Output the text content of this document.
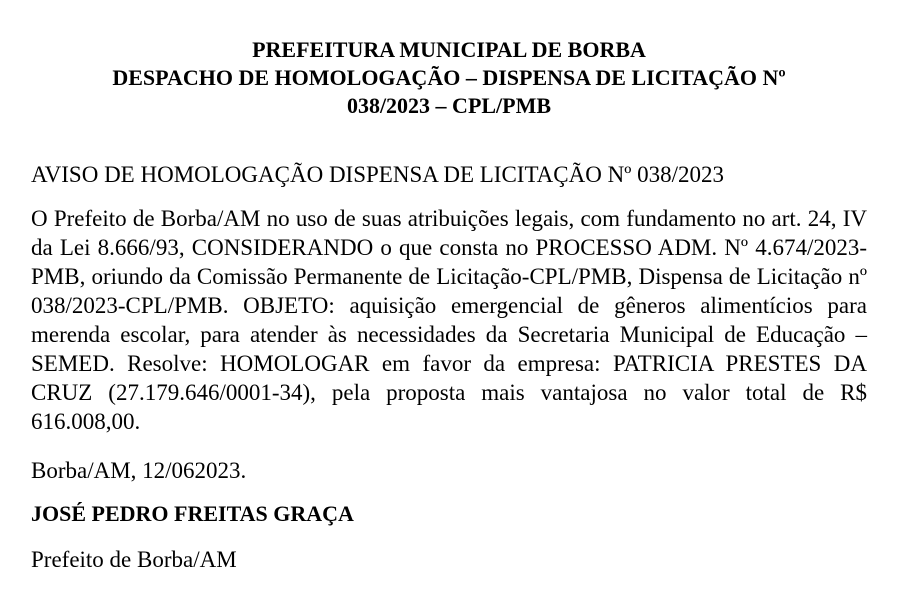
PREFEITURA MUNICIPAL DE BORBA
DESPACHO DE HOMOLOGAÇÃO – DISPENSA DE LICITAÇÃO Nº
038/2023 – CPL/PMB
AVISO DE HOMOLOGAÇÃO DISPENSA DE LICITAÇÃO Nº 038/2023
O Prefeito de Borba/AM no uso de suas atribuições legais, com fundamento no art. 24, IV da Lei 8.666/93, CONSIDERANDO o que consta no PROCESSO ADM. Nº 4.674/2023-PMB, oriundo da Comissão Permanente de Licitação-CPL/PMB, Dispensa de Licitação nº 038/2023-CPL/PMB. OBJETO: aquisição emergencial de gêneros alimentícios para merenda escolar, para atender às necessidades da Secretaria Municipal de Educação – SEMED. Resolve: HOMOLOGAR em favor da empresa: PATRICIA PRESTES DA CRUZ (27.179.646/0001-34), pela proposta mais vantajosa no valor total de R$ 616.008,00.
Borba/AM, 12/062023.
JOSÉ PEDRO FREITAS GRAÇA
Prefeito de Borba/AM
